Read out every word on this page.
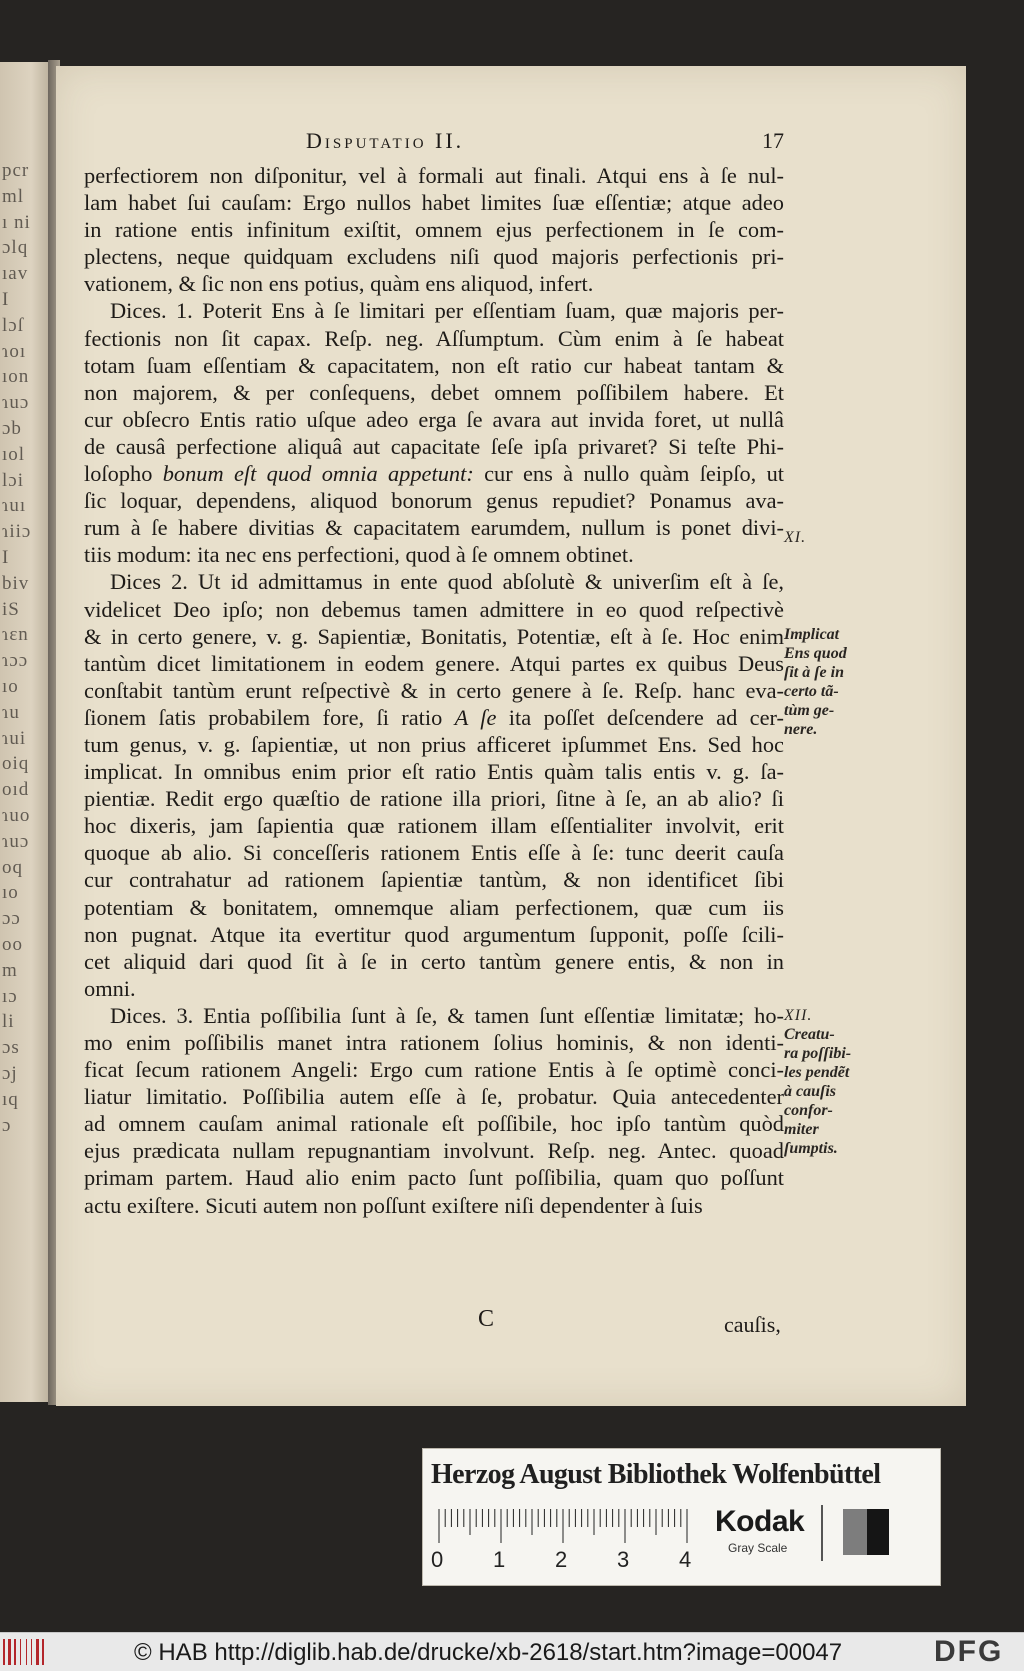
pcr
ml
ı ni
ɔlq
ıav
I
lɔſ
ɿoı
ıon
ɿuɔ
ɔb
ıol
lɔi
ɿuı
ɿiiɔ
I
biv
iS
ɿɛn
ɿɔɔ
ıo
ɿu
ɿui
oiq
oıd
ɿuo
ɿuɔ
oq
ıo
ɔɔ
oo
m
ıɔ
li
ɔs
ɔj
ıq
ɔ
Disputatio II.	17
perfectiorem non diſponitur, vel à formali aut finali. Atqui ens à ſe nul-
lam habet ſui cauſam: Ergo nullos habet limites ſuæ eſſentiæ; atque adeo
in ratione entis infinitum exiſtit, omnem ejus perfectionem in ſe com-
plectens, neque quidquam excludens niſi quod majoris perfectionis pri-
vationem, & ſic non ens potius, quàm ens aliquod, infert.
Dices. 1. Poterit Ens à ſe limitari per eſſentiam ſuam, quæ majoris per-
fectionis non ſit capax. Reſp. neg. Aſſumptum. Cùm enim à ſe habeat
totam ſuam eſſentiam & capacitatem, non eſt ratio cur habeat tantam &
non majorem, & per conſequens, debet omnem poſſibilem habere. Et
cur obſecro Entis ratio uſque adeo erga ſe avara aut invida foret, ut nullâ
de causâ perfectione aliquâ aut capacitate ſeſe ipſa privaret? Si teſte Phi-
loſopho bonum eſt quod omnia appetunt: cur ens à nullo quàm ſeipſo, ut
ſic loquar, dependens, aliquod bonorum genus repudiet? Ponamus ava-
rum à ſe habere divitias & capacitatem earumdem, nullum is ponet divi-
tiis modum: ita nec ens perfectioni, quod à ſe omnem obtinet.
Dices 2. Ut id admittamus in ente quod abſolutè & univerſim eſt à ſe,
videlicet Deo ipſo; non debemus tamen admittere in eo quod reſpectivè
& in certo genere, v. g. Sapientiæ, Bonitatis, Potentiæ, eſt à ſe. Hoc enim
tantùm dicet limitationem in eodem genere. Atqui partes ex quibus Deus
conſtabit tantùm erunt reſpectivè & in certo genere à ſe. Reſp. hanc eva-
ſionem ſatis probabilem fore, ſi ratio A ſe ita poſſet deſcendere ad cer-
tum genus, v. g. ſapientiæ, ut non prius afficeret ipſummet Ens. Sed hoc
implicat. In omnibus enim prior eſt ratio Entis quàm talis entis v. g. ſa-
pientiæ. Redit ergo quæſtio de ratione illa priori, ſitne à ſe, an ab alio? ſi
hoc dixeris, jam ſapientia quæ rationem illam eſſentialiter involvit, erit
quoque ab alio. Si conceſſeris rationem Entis eſſe à ſe: tunc deerit cauſa
cur contrahatur ad rationem ſapientiæ tantùm, & non identificet ſibi
potentiam & bonitatem, omnemque aliam perfectionem, quæ cum iis
non pugnat. Atque ita evertitur quod argumentum ſupponit, poſſe ſcili-
cet aliquid dari quod ſit à ſe in certo tantùm genere entis, & non in
omni.
Dices. 3. Entia poſſibilia ſunt à ſe, & tamen ſunt eſſentiæ limitatæ; ho-
mo enim poſſibilis manet intra rationem ſolius hominis, & non identi-
ficat ſecum rationem Angeli: Ergo cum ratione Entis à ſe optimè conci-
liatur limitatio. Poſſibilia autem eſſe à ſe, probatur. Quia antecedenter
ad omnem cauſam animal rationale eſt poſſibile, hoc ipſo tantùm quòd
ejus prædicata nullam repugnantiam involvunt. Reſp. neg. Antec. quoad
primam partem. Haud alio enim pacto ſunt poſſibilia, quam quo poſſunt
actu exiſtere. Sicuti autem non poſſunt exiſtere niſi dependenter à ſuis
XI.
Implicat
Ens quod
ſit à ſe in
certo tã-
tùm ge-
nere.
XII.
Creatu-
ra poſſibi-
les pendẽt
à cauſis
confor-
miter
ſumptis.
C	cauſis,
Herzog August Bibliothek Wolfenbüttel
0 1 2 3 4
Kodak
Gray Scale
© HAB http://diglib.hab.de/drucke/xb-2618/start.htm?image=00047	DFG
